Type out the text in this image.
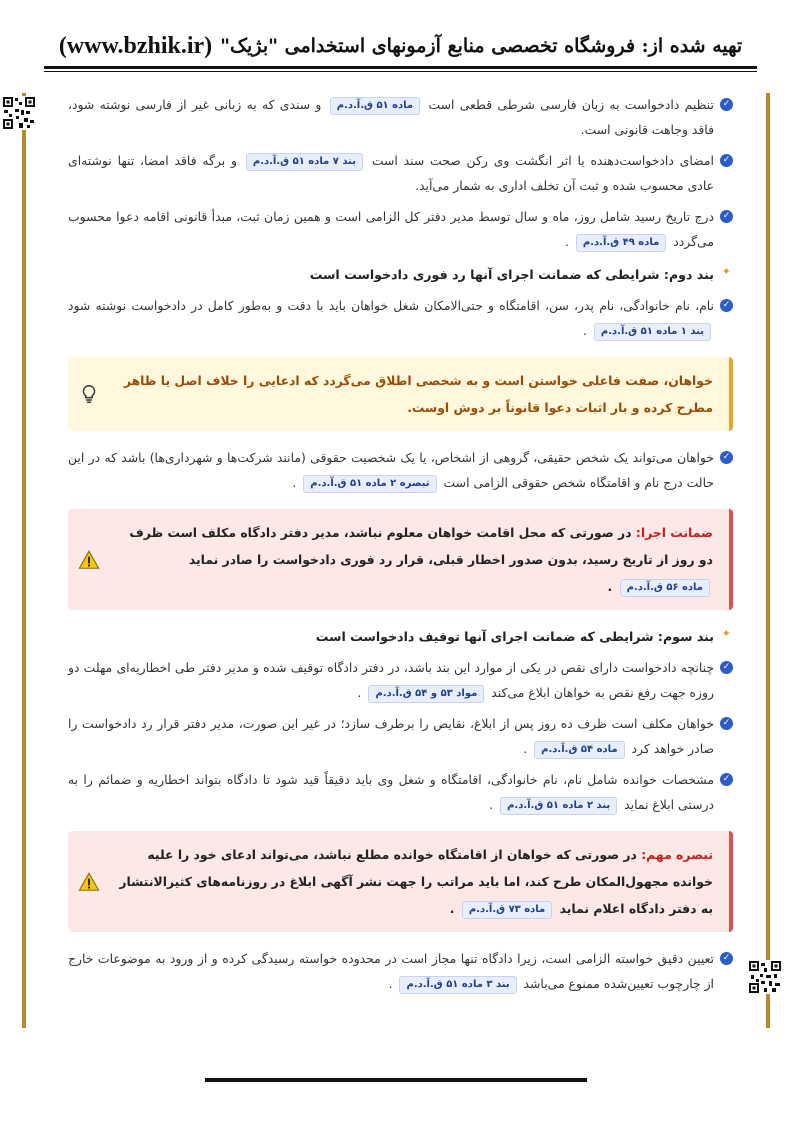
تهیه شده از: فروشگاه تخصصی منابع آزمونهای استخدامی "بژیک"
(www.bzhik.ir)
✓
تنظیم دادخواست به زبان فارسی شرطی قطعی است ماده ۵۱ ق.آ.د.م و سندی که به زبانی غیر از فارسی نوشته شود، فاقد وجاهت قانونی است.
✓
امضای دادخواست‌دهنده یا اثر انگشت وی رکن صحت سند است بند ۷ ماده ۵۱ ق.آ.د.م و برگه فاقد امضا، تنها نوشته‌ای عادی محسوب شده و ثبت آن تخلف اداری به شمار می‌آید.
✓
درج تاریخ رسید شامل روز، ماه و سال توسط مدیر دفتر کل الزامی است و همین زمان ثبت، مبدأ قانونی اقامه دعوا محسوب می‌گردد ماده ۴۹ ق.آ.د.م .
✦
بند دوم: شرایطی که ضمانت اجرای آنها رد فوری دادخواست است
✓
نام، نام خانوادگی، نام پدر، سن، اقامتگاه و حتی‌الامکان شغل خواهان باید با دقت و به‌طور کامل در دادخواست نوشته شود بند ۱ ماده ۵۱ ق.آ.د.م .
خواهان، صفت فاعلی خواستن است و به شخصی اطلاق می‌گردد که ادعایی را خلاف اصل یا ظاهر مطرح کرده و بار اثبات دعوا قانوناً بر دوش اوست.
✓
خواهان می‌تواند یک شخص حقیقی، گروهی از اشخاص، یا یک شخصیت حقوقی (مانند شرکت‌ها و شهرداری‌ها) باشد که در این حالت درج نام و اقامتگاه شخص حقوقی الزامی است تبصره ۲ ماده ۵۱ ق.آ.د.م .
ضمانت اجرا: در صورتی که محل اقامت خواهان معلوم نباشد، مدیر دفتر دادگاه مکلف است ظرف دو روز از تاریخ رسید، بدون صدور اخطار قبلی، قرار رد فوری دادخواست را صادر نماید ماده ۵۶ ق.آ.د.م .
✦
بند سوم: شرایطی که ضمانت اجرای آنها توقیف دادخواست است
✓
چنانچه دادخواست دارای نقص در یکی از موارد این بند باشد، در دفتر دادگاه توقیف شده و مدیر دفتر طی اخطاریه‌ای مهلت دو روزه جهت رفع نقص به خواهان ابلاغ می‌کند مواد ۵۳ و ۵۴ ق.آ.د.م .
✓
خواهان مکلف است ظرف ده روز پس از ابلاغ، نقایص را برطرف سازد؛ در غیر این صورت، مدیر دفتر قرار رد دادخواست را صادر خواهد کرد ماده ۵۴ ق.آ.د.م .
✓
مشخصات خوانده شامل نام، نام خانوادگی، اقامتگاه و شغل وی باید دقیقاً قید شود تا دادگاه بتواند اخطاریه و ضمائم را به درستی ابلاغ نماید بند ۲ ماده ۵۱ ق.آ.د.م .
تبصره مهم: در صورتی که خواهان از اقامتگاه خوانده مطلع نباشد، می‌تواند ادعای خود را علیه خوانده مجهول‌المکان طرح کند، اما باید مراتب را جهت نشر آگهی ابلاغ در روزنامه‌های کثیرالانتشار به دفتر دادگاه اعلام نماید ماده ۷۳ ق.آ.د.م .
✓
تعیین دقیق خواسته الزامی است، زیرا دادگاه تنها مجاز است در محدوده خواسته رسیدگی کرده و از ورود به موضوعات خارج از چارچوب تعیین‌شده ممنوع می‌باشد بند ۳ ماده ۵۱ ق.آ.د.م .
